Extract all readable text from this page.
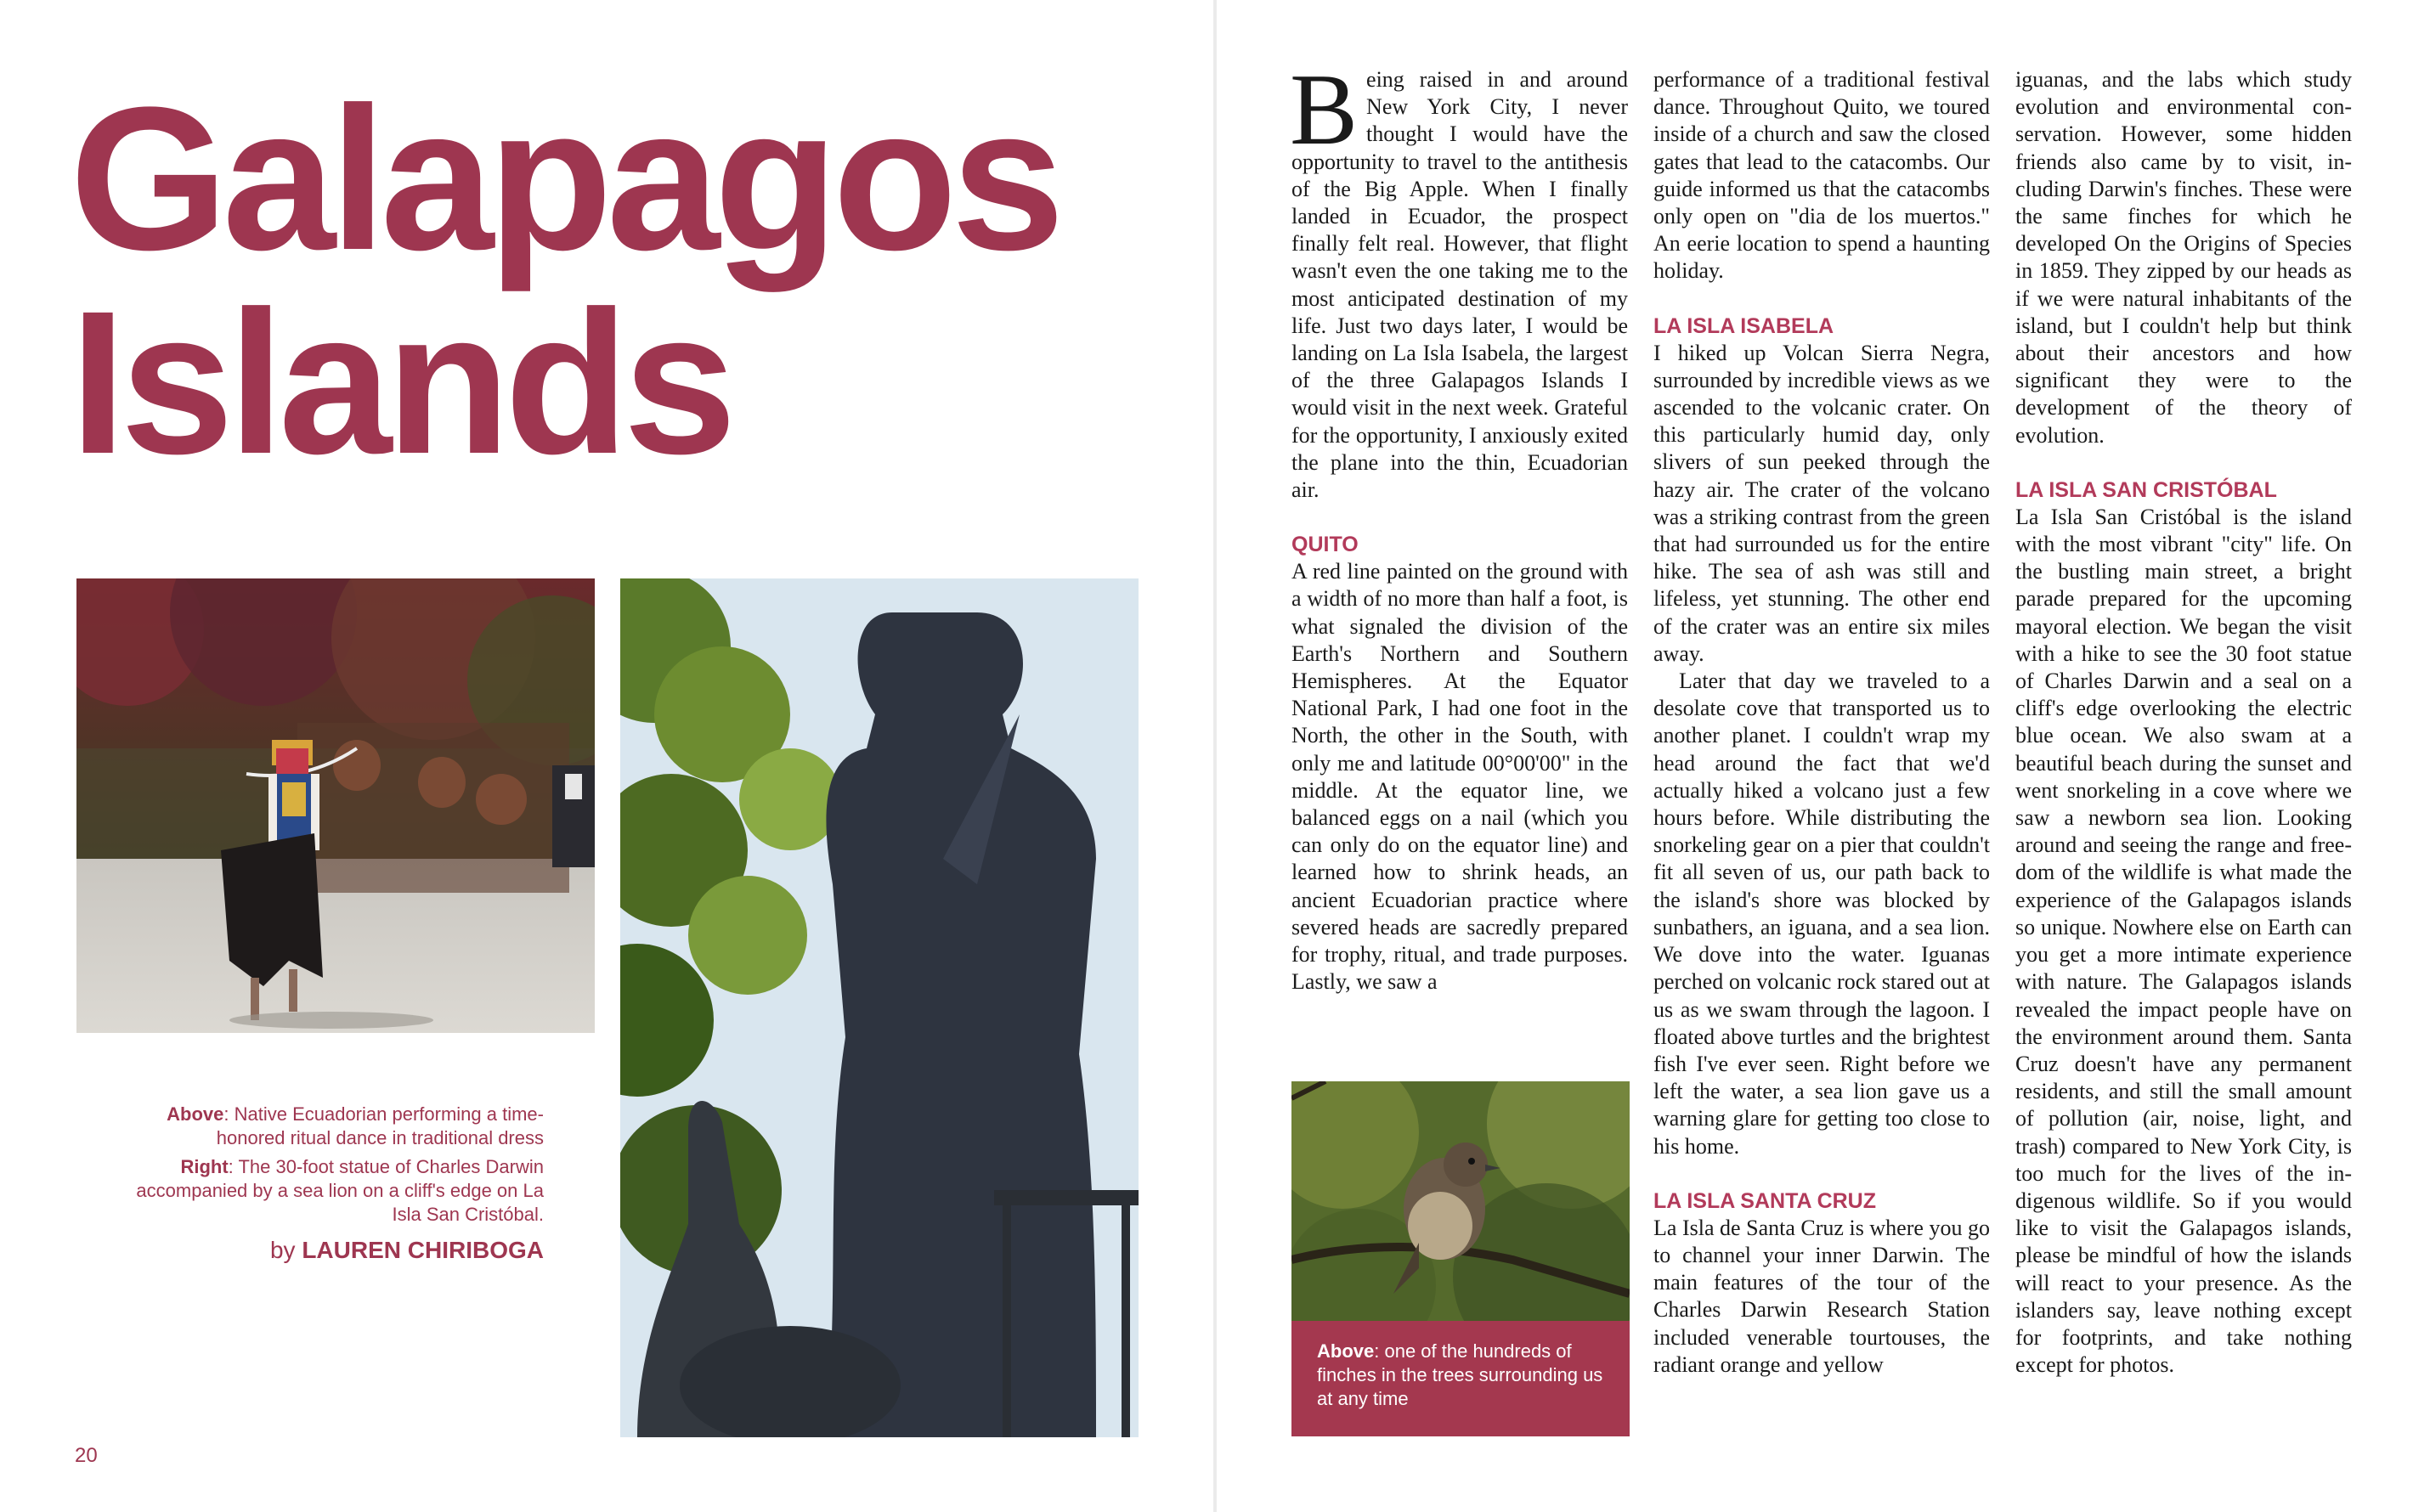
Galapagos
Islands
Above: Native Ecuadorian performing a time-honored ritual dance in traditional dress
Right: The 30-foot statue of Charles Darwin accompanied by a sea lion on a cliff's edge on La Isla San Cristóbal.
by LAUREN CHIRIBOGA
20

Being raised in and around New York City, I never thought I would have the opportunity to travel to the antithesis of the Big Apple. When I finally landed in Ecuador, the prospect finally felt real. However, that flight wasn't even the one taking me to the most anticipated destination of my life. Just two days later, I would be landing on La Isla Isabela, the largest of the three Galapagos Islands I would visit in the next week. Grateful for the opportunity, I anxiously exited the plane into the thin, Ecuadorian air.

QUITO

A red line painted on the ground with a width of no more than half a foot, is what signaled the division of the Earth's Northern and Southern Hemispheres. At the Equator National Park, I had one foot in the North, the other in the South, with only me and latitude 00°00'00" in the middle. At the equator line, we balanced eggs on a nail (which you can only do on the equator line) and learned how to shrink heads, an ancient Ecuadorian practice where severed heads are sacredly prepared for trophy, ritual, and trade purposes. Lastly, we saw a

performance of a traditional festival dance. Throughout Quito, we toured inside of a church and saw the closed gates that lead to the catacombs. Our guide informed us that the catacombs only open on "dia de los muertos." An eerie location to spend a haunting holiday.

LA ISLA ISABELA

I hiked up Volcan Sierra Negra, surrounded by incredible views as we ascended to the volcanic crater. On this particularly humid day, only slivers of sun peeked through the hazy air. The crater of the volcano was a striking contrast from the green that had surrounded us for the entire hike. The sea of ash was still and lifeless, yet stunning. The other end of the crater was an entire six miles away.

Later that day we traveled to a desolate cove that transported us to another planet. I couldn't wrap my head around the fact that we'd actually hiked a volcano just a few hours before. While distributing the snorkeling gear on a pier that couldn't fit all seven of us, our path back to the island's shore was blocked by sunbathers, an iguana, and a sea lion. We dove into the water. Iguanas perched on volcanic rock stared out at us as we swam through the lagoon. I floated above turtles and the brightest fish I've ever seen. Right before we left the water, a sea lion gave us a warning glare for getting too close to his home.

LA ISLA SANTA CRUZ

La Isla de Santa Cruz is where you go to channel your inner Darwin. The main features of the tour of the Charles Darwin Research Station included venerable tourtouses, the radiant orange and yellow

iguanas, and the labs which study evolution and environmental conservation. However, some hidden friends also came by to visit, including Darwin's finches. These were the same finches for which he developed On the Origins of Species in 1859. They zipped by our heads as if we were natural inhabitants of the island, but I couldn't help but think about their ancestors and how significant they were to the development of the theory of evolution.

LA ISLA SAN CRISTÓBAL

La Isla San Cristóbal is the island with the most vibrant "city" life. On the bustling main street, a bright parade prepared for the upcoming mayoral election. We began the visit with a hike to see the 30 foot statue of Charles Darwin and a seal on a cliff's edge overlooking the electric blue ocean. We also swam at a beautiful beach during the sunset and went snorkeling in a cove where we saw a newborn sea lion. Looking around and seeing the range and freedom of the wildlife is what made the experience of the Galapagos islands so unique. Nowhere else on Earth can you get a more intimate experience with nature. The Galapagos islands revealed the impact people have on the environment around them. Santa Cruz doesn't have any permanent residents, and still the small amount of pollution (air, noise, light, and trash) compared to New York City, is too much for the lives of the indigenous wildlife. So if you would like to visit the Galapagos islands, please be mindful of how the islands will react to your presence. As the islanders say, leave nothing except for footprints, and take nothing except for photos.

Above: one of the hundreds of finches in the trees surrounding us at any time
